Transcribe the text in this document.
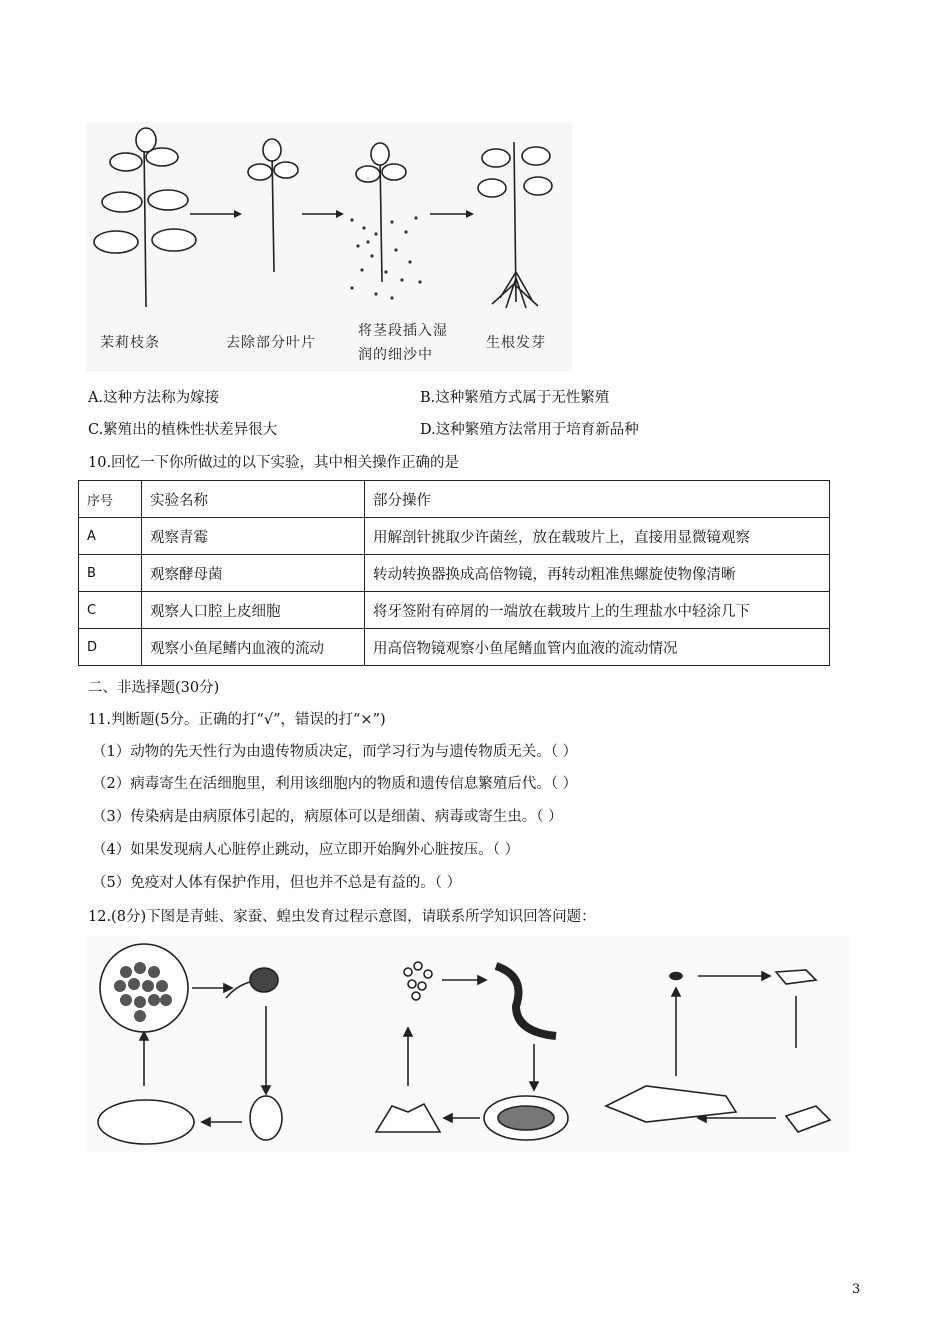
茉莉枝条	去除部分叶片
将茎段插入湿
润的细沙中
生根发芽
A.这种方法称为嫁接	B.这种繁殖方式属于无性繁殖
C.繁殖出的植株性状差异很大	D.这种繁殖方法常用于培育新品种
10.回忆一下你所做过的以下实验，其中相关操作正确的是
序号	实验名称	部分操作
A	观察青霉	用解剖针挑取少许菌丝，放在载玻片上，直接用显微镜观察
B	观察酵母菌	转动转换器换成高倍物镜，再转动粗准焦螺旋使物像清晰
C	观察人口腔上皮细胞	将牙签附有碎屑的一端放在载玻片上的生理盐水中轻涂几下
D	观察小鱼尾鳍内血液的流动	用高倍物镜观察小鱼尾鳍血管内血液的流动情况
二、非选择题(30分)
11.判断题(5分。正确的打“√”，错误的打“×”)
（1）动物的先天性行为由遗传物质决定，而学习行为与遗传物质无关。（ ）
（2）病毒寄生在活细胞里，利用该细胞内的物质和遗传信息繁殖后代。（ ）
（3）传染病是由病原体引起的，病原体可以是细菌、病毒或寄生虫。（ ）
（4）如果发现病人心脏停止跳动，应立即开始胸外心脏按压。（ ）
（5）免疫对人体有保护作用，但也并不总是有益的。（ ）
12.(8分)下图是青蛙、家蚕、蝗虫发育过程示意图，请联系所学知识回答问题：
3
